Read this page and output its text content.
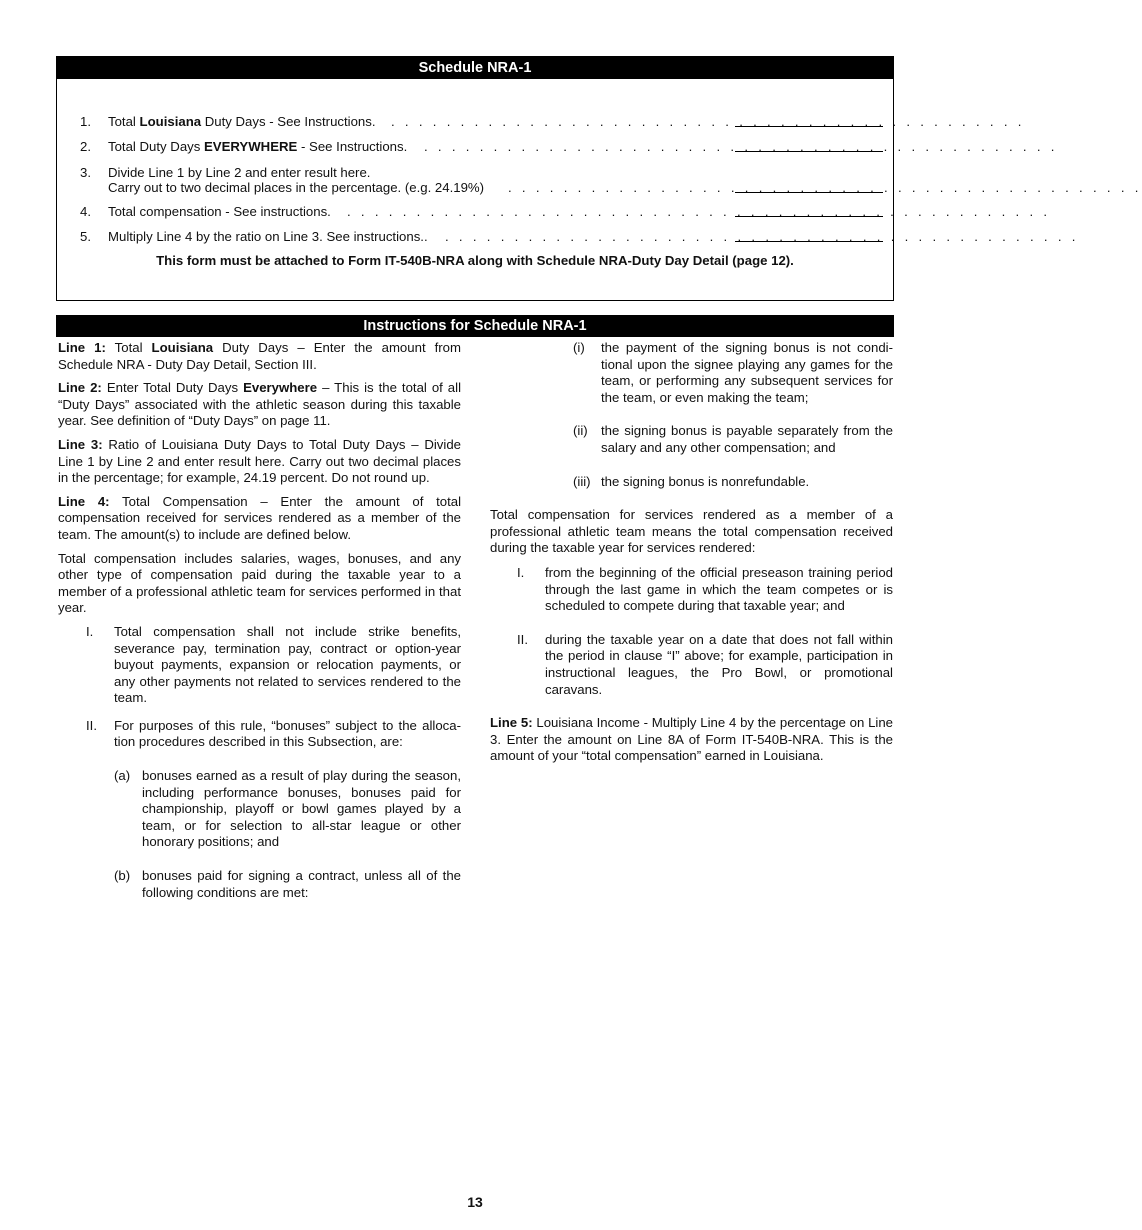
Schedule NRA-1
1. Total Louisiana Duty Days - See Instructions. . . . . . . . . . . . . . . . . . . . . . . . . . . . . . . . . . . . . . . . . . . . . . .
2. Total Duty Days EVERYWHERE - See Instructions. . . . . . . . . . . . . . . . . . . . . . . . . . . . . . . . . . . . . . . . . . . . . . .
3. Divide Line 1 by Line 2 and enter result here.
Carry out to two decimal places in the percentage. (e.g. 24.19%) . . . . . . . . . . . . . . . . . . . . . . . . . . . . . . . . . . . . . . . . . . . . . .
4. Total compensation - See instructions. . . . . . . . . . . . . . . . . . . . . . . . . . . . . . . . . . . . . . . . . . . . . . . . . . . .
5. Multiply Line 4 by the ratio on Line 3. See instructions.. . . . . . . . . . . . . . . . . . . . . . . . . . . . . . . . . . . . . . . . . . . . . . .
This form must be attached to Form IT-540B-NRA along with Schedule NRA-Duty Day Detail (page 12).
Instructions for Schedule NRA-1

Line 1: Total Louisiana Duty Days – Enter the amount from Schedule NRA - Duty Day Detail, Section III.

Line 2: Enter Total Duty Days Everywhere – This is the total of all “Duty Days” associated with the athletic season during this taxable year. See definition of “Duty Days” on page 11.

Line 3: Ratio of Louisiana Duty Days to Total Duty Days – Divide Line 1 by Line 2 and enter result here. Carry out two decimal places in the percentage; for example, 24.19 percent. Do not round up.

Line 4: Total Compensation – Enter the amount of total compensation received for services rendered as a member of the team. The amount(s) to include are defined below.

Total compensation includes salaries, wages, bonuses, and any other type of compensation paid during the taxable year to a member of a professional athletic team for services performed in that year.

I. Total compensation shall not include strike benefits, severance pay, termination pay, contract or option-year buyout payments, expansion or relocation payments, or any other payments not related to services rendered to the team.
II. For purposes of this rule, “bonuses” subject to the allocation procedures described in this Subsection, are:
(a) bonuses earned as a result of play during the season, including performance bonuses, bonuses paid for championship, playoff or bowl games played by a team, or for selection to all-star league or other honorary positions; and
(b) bonuses paid for signing a contract, unless all of the following conditions are met:
(i) the payment of the signing bonus is not conditional upon the signee playing any games for the team, or performing any subsequent services for the team, or even making the team;
(ii) the signing bonus is payable separately from the salary and any other compensation; and
(iii) the signing bonus is nonrefundable.

Total compensation for services rendered as a member of a professional athletic team means the total compensation received during the taxable year for services rendered:

I. from the beginning of the official preseason training period through the last game in which the team competes or is scheduled to compete during that taxable year; and
II. during the taxable year on a date that does not fall within the period in clause “I” above; for example, participation in instructional leagues, the Pro Bowl, or promotional caravans.

Line 5: Louisiana Income - Multiply Line 4 by the percentage on Line 3. Enter the amount on Line 8A of Form IT-540B-NRA. This is the amount of your “total compensation” earned in Louisiana.

13
